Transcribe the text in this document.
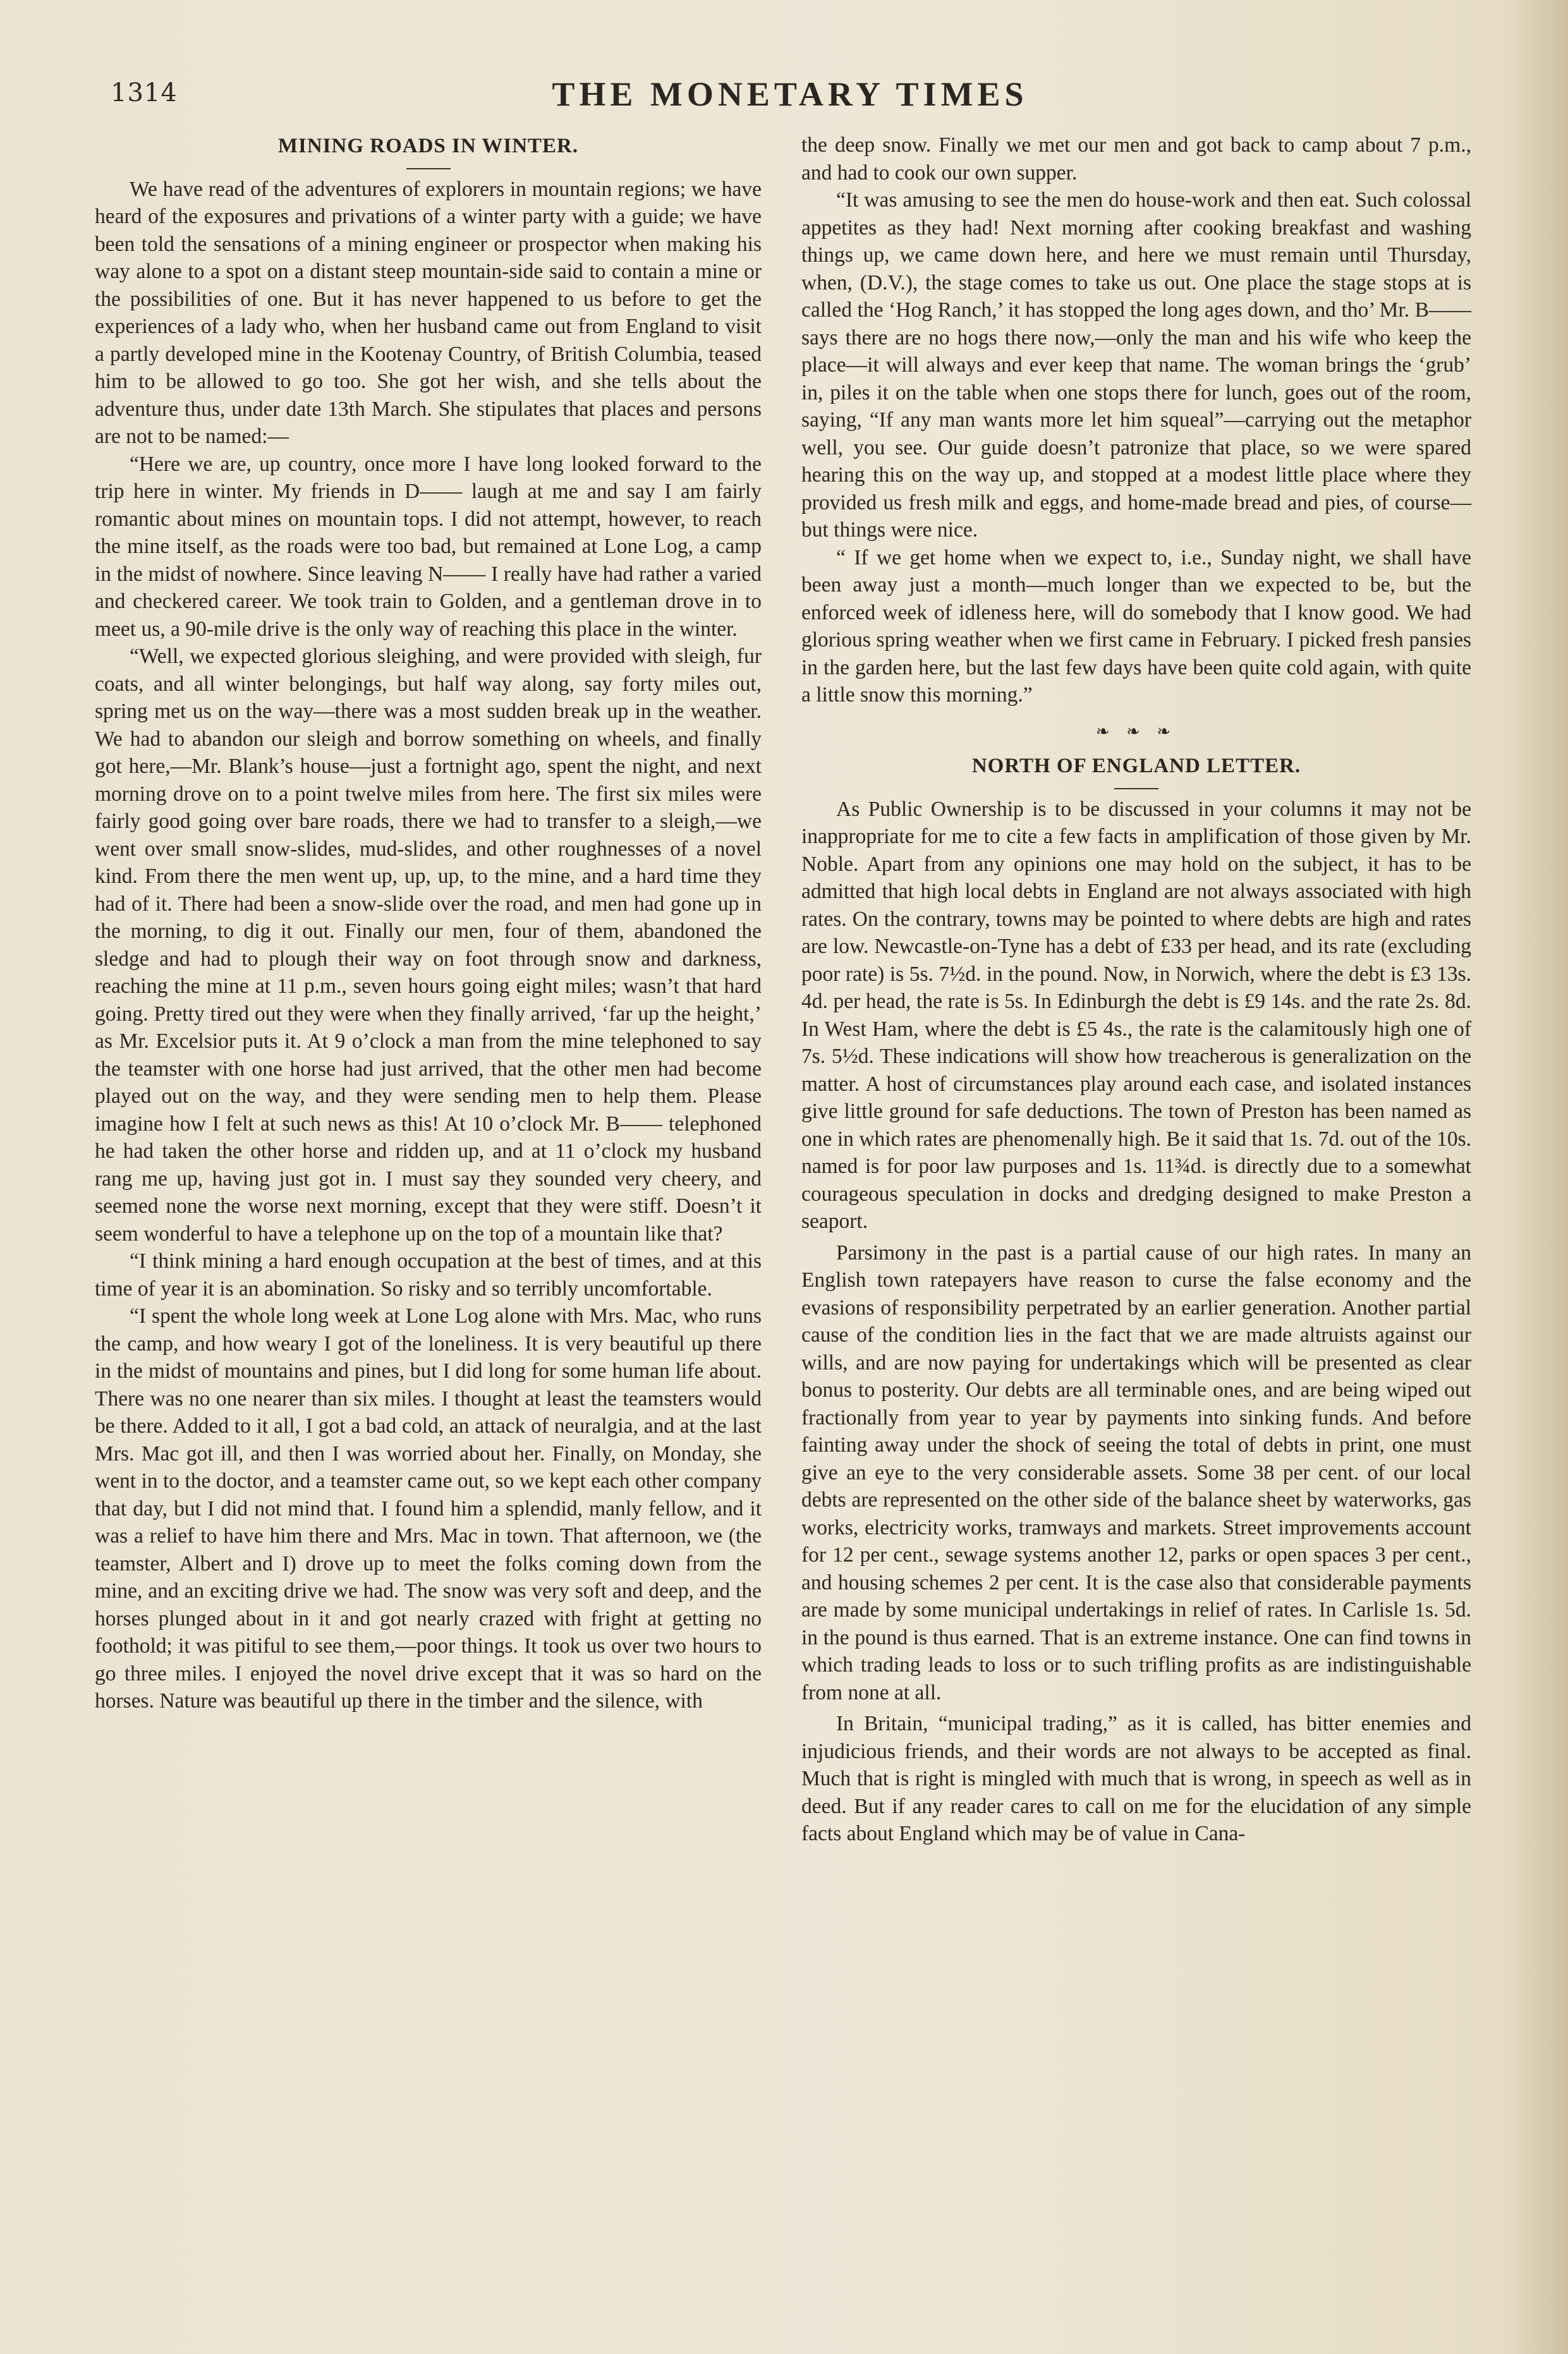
1314	THE MONETARY TIMES
MINING ROADS IN WINTER.

We have read of the adventures of explorers in mountain regions; we have heard of the exposures and privations of a winter party with a guide; we have been told the sensations of a mining engineer or prospector when making his way alone to a spot on a distant steep mountain-side said to contain a mine or the possibilities of one. But it has never happened to us before to get the experiences of a lady who, when her husband came out from England to visit a partly developed mine in the Kootenay Country, of British Columbia, teased him to be allowed to go too. She got her wish, and she tells about the adventure thus, under date 13th March. She stipulates that places and persons are not to be named:—

“Here we are, up country, once more I have long looked forward to the trip here in winter. My friends in D—— laugh at me and say I am fairly romantic about mines on mountain tops. I did not attempt, however, to reach the mine itself, as the roads were too bad, but remained at Lone Log, a camp in the midst of nowhere. Since leaving N—— I really have had rather a varied and checkered career. We took train to Golden, and a gentleman drove in to meet us, a 90-mile drive is the only way of reaching this place in the winter.

“Well, we expected glorious sleighing, and were provided with sleigh, fur coats, and all winter belongings, but half way along, say forty miles out, spring met us on the way—there was a most sudden break up in the weather. We had to abandon our sleigh and borrow something on wheels, and finally got here,—Mr. Blank’s house—just a fortnight ago, spent the night, and next morning drove on to a point twelve miles from here. The first six miles were fairly good going over bare roads, there we had to transfer to a sleigh,—we went over small snow-slides, mud-slides, and other roughnesses of a novel kind. From there the men went up, up, up, to the mine, and a hard time they had of it. There had been a snow-slide over the road, and men had gone up in the morning, to dig it out. Finally our men, four of them, abandoned the sledge and had to plough their way on foot through snow and darkness, reaching the mine at 11 p.m., seven hours going eight miles; wasn’t that hard going. Pretty tired out they were when they finally arrived, ‘far up the height,’ as Mr. Excelsior puts it. At 9 o’clock a man from the mine telephoned to say the teamster with one horse had just arrived, that the other men had become played out on the way, and they were sending men to help them. Please imagine how I felt at such news as this! At 10 o’clock Mr. B—— telephoned he had taken the other horse and ridden up, and at 11 o’clock my husband rang me up, having just got in. I must say they sounded very cheery, and seemed none the worse next morning, except that they were stiff. Doesn’t it seem wonderful to have a telephone up on the top of a mountain like that?

“I think mining a hard enough occupation at the best of times, and at this time of year it is an abomination. So risky and so terribly uncomfortable.

“I spent the whole long week at Lone Log alone with Mrs. Mac, who runs the camp, and how weary I got of the loneliness. It is very beautiful up there in the midst of mountains and pines, but I did long for some human life about. There was no one nearer than six miles. I thought at least the teamsters would be there. Added to it all, I got a bad cold, an attack of neuralgia, and at the last Mrs. Mac got ill, and then I was worried about her. Finally, on Monday, she went in to the doctor, and a teamster came out, so we kept each other company that day, but I did not mind that. I found him a splendid, manly fellow, and it was a relief to have him there and Mrs. Mac in town. That afternoon, we (the teamster, Albert and I) drove up to meet the folks coming down from the mine, and an exciting drive we had. The snow was very soft and deep, and the horses plunged about in it and got nearly crazed with fright at getting no foothold; it was pitiful to see them,—poor things. It took us over two hours to go three miles. I enjoyed the novel drive except that it was so hard on the horses. Nature was beautiful up there in the timber and the silence, with

the deep snow. Finally we met our men and got back to camp about 7 p.m., and had to cook our own supper.

“It was amusing to see the men do house-work and then eat. Such colossal appetites as they had! Next morning after cooking breakfast and washing things up, we came down here, and here we must remain until Thursday, when, (D.V.), the stage comes to take us out. One place the stage stops at is called the ‘Hog Ranch,’ it has stopped the long ages down, and tho’ Mr. B—— says there are no hogs there now,—only the man and his wife who keep the place—it will always and ever keep that name. The woman brings the ‘grub’ in, piles it on the table when one stops there for lunch, goes out of the room, saying, “If any man wants more let him squeal”—carrying out the metaphor well, you see. Our guide doesn’t patronize that place, so we were spared hearing this on the way up, and stopped at a modest little place where they provided us fresh milk and eggs, and home-made bread and pies, of course—but things were nice.

“ If we get home when we expect to, i.e., Sunday night, we shall have been away just a month—much longer than we expected to be, but the enforced week of idleness here, will do somebody that I know good. We had glorious spring weather when we first came in February. I picked fresh pansies in the garden here, but the last few days have been quite cold again, with quite a little snow this morning.”

❧ ❧ ❧
NORTH OF ENGLAND LETTER.

As Public Ownership is to be discussed in your columns it may not be inappropriate for me to cite a few facts in amplification of those given by Mr. Noble. Apart from any opinions one may hold on the subject, it has to be admitted that high local debts in England are not always associated with high rates. On the contrary, towns may be pointed to where debts are high and rates are low. Newcastle-on-Tyne has a debt of £33 per head, and its rate (excluding poor rate) is 5s. 7½d. in the pound. Now, in Norwich, where the debt is £3 13s. 4d. per head, the rate is 5s. In Edinburgh the debt is £9 14s. and the rate 2s. 8d. In West Ham, where the debt is £5 4s., the rate is the calamitously high one of 7s. 5½d. These indications will show how treacherous is generalization on the matter. A host of circumstances play around each case, and isolated instances give little ground for safe deductions. The town of Preston has been named as one in which rates are phenomenally high. Be it said that 1s. 7d. out of the 10s. named is for poor law purposes and 1s. 11¾d. is directly due to a somewhat courageous speculation in docks and dredging designed to make Preston a seaport.

Parsimony in the past is a partial cause of our high rates. In many an English town ratepayers have reason to curse the false economy and the evasions of responsibility perpetrated by an earlier generation. Another partial cause of the condition lies in the fact that we are made altruists against our wills, and are now paying for undertakings which will be presented as clear bonus to posterity. Our debts are all terminable ones, and are being wiped out fractionally from year to year by payments into sinking funds. And before fainting away under the shock of seeing the total of debts in print, one must give an eye to the very considerable assets. Some 38 per cent. of our local debts are represented on the other side of the balance sheet by waterworks, gas works, electricity works, tramways and markets. Street improvements account for 12 per cent., sewage systems another 12, parks or open spaces 3 per cent., and housing schemes 2 per cent. It is the case also that considerable payments are made by some municipal undertakings in relief of rates. In Carlisle 1s. 5d. in the pound is thus earned. That is an extreme instance. One can find towns in which trading leads to loss or to such trifling profits as are indistinguishable from none at all.

In Britain, “municipal trading,” as it is called, has bitter enemies and injudicious friends, and their words are not always to be accepted as final. Much that is right is mingled with much that is wrong, in speech as well as in deed. But if any reader cares to call on me for the elucidation of any simple facts about England which may be of value in Cana-
